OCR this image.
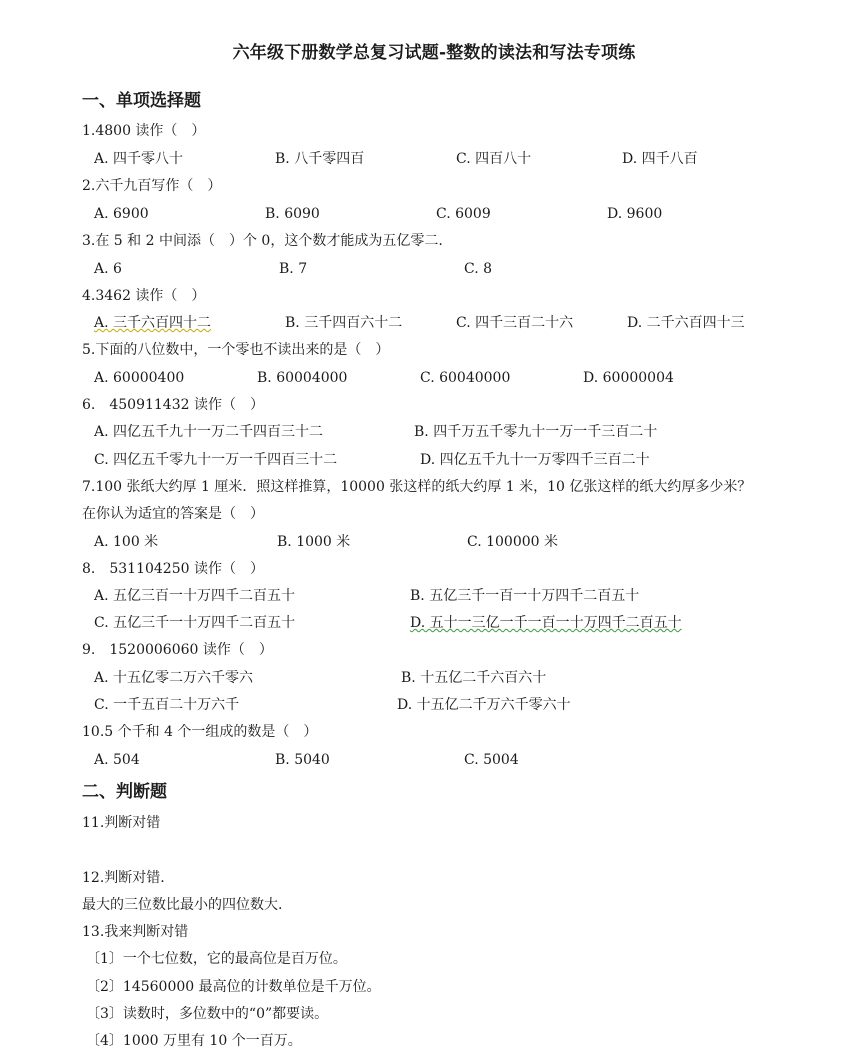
六年级下册数学总复习试题-整数的读法和写法专项练
一、单项选择题
1.4800 读作（　）
A. 四千零八十	B. 八千零四百	C. 四百八十	D. 四千八百
2.六千九百写作（　）
A. 6900	B. 6090	C. 6009	D. 9600
3.在 5 和 2 中间添（　）个 0，这个数才能成为五亿零二.
A. 6	B. 7	C. 8
4.3462 读作（　）
A. 三千六百四十二	B. 三千四百六十二	C. 四千三百二十六	D. 二千六百四十三
5.下面的八位数中，一个零也不读出来的是（　）
A. 60000400	B. 60004000	C. 60040000	D. 60000004
6.　450911432 读作（　）
A. 四亿五千九十一万二千四百三十二	B. 四千万五千零九十一万一千三百二十
C. 四亿五千零九十一万一千四百三十二	D. 四亿五千九十一万零四千三百二十
7.100 张纸大约厚 1 厘米．照这样推算，10000 张这样的纸大约厚 1 米，10 亿张这样的纸大约厚多少米？
在你认为适宜的答案是（　）
A. 100 米	B. 1000 米	C. 100000 米
8.　531104250 读作（　）
A. 五亿三百一十万四千二百五十	B. 五亿三千一百一十万四千二百五十
C. 五亿三千一十万四千二百五十	D. 五十一三亿一千一百一十万四千二百五十
9.　1520006060 读作（　）
A. 十五亿零二万六千零六	B. 十五亿二千六百六十
C. 一千五百二十万六千	D. 十五亿二千万六千零六十
10.5 个千和 4 个一组成的数是（　）
A. 504	B. 5040	C. 5004
二、判断题
11.判断对错
12.判断对错.
最大的三位数比最小的四位数大.
13.我来判断对错
〔1〕一个七位数，它的最高位是百万位。
〔2〕14560000 最高位的计数单位是千万位。
〔3〕读数时，多位数中的“0”都要读。
〔4〕1000 万里有 10 个一百万。
